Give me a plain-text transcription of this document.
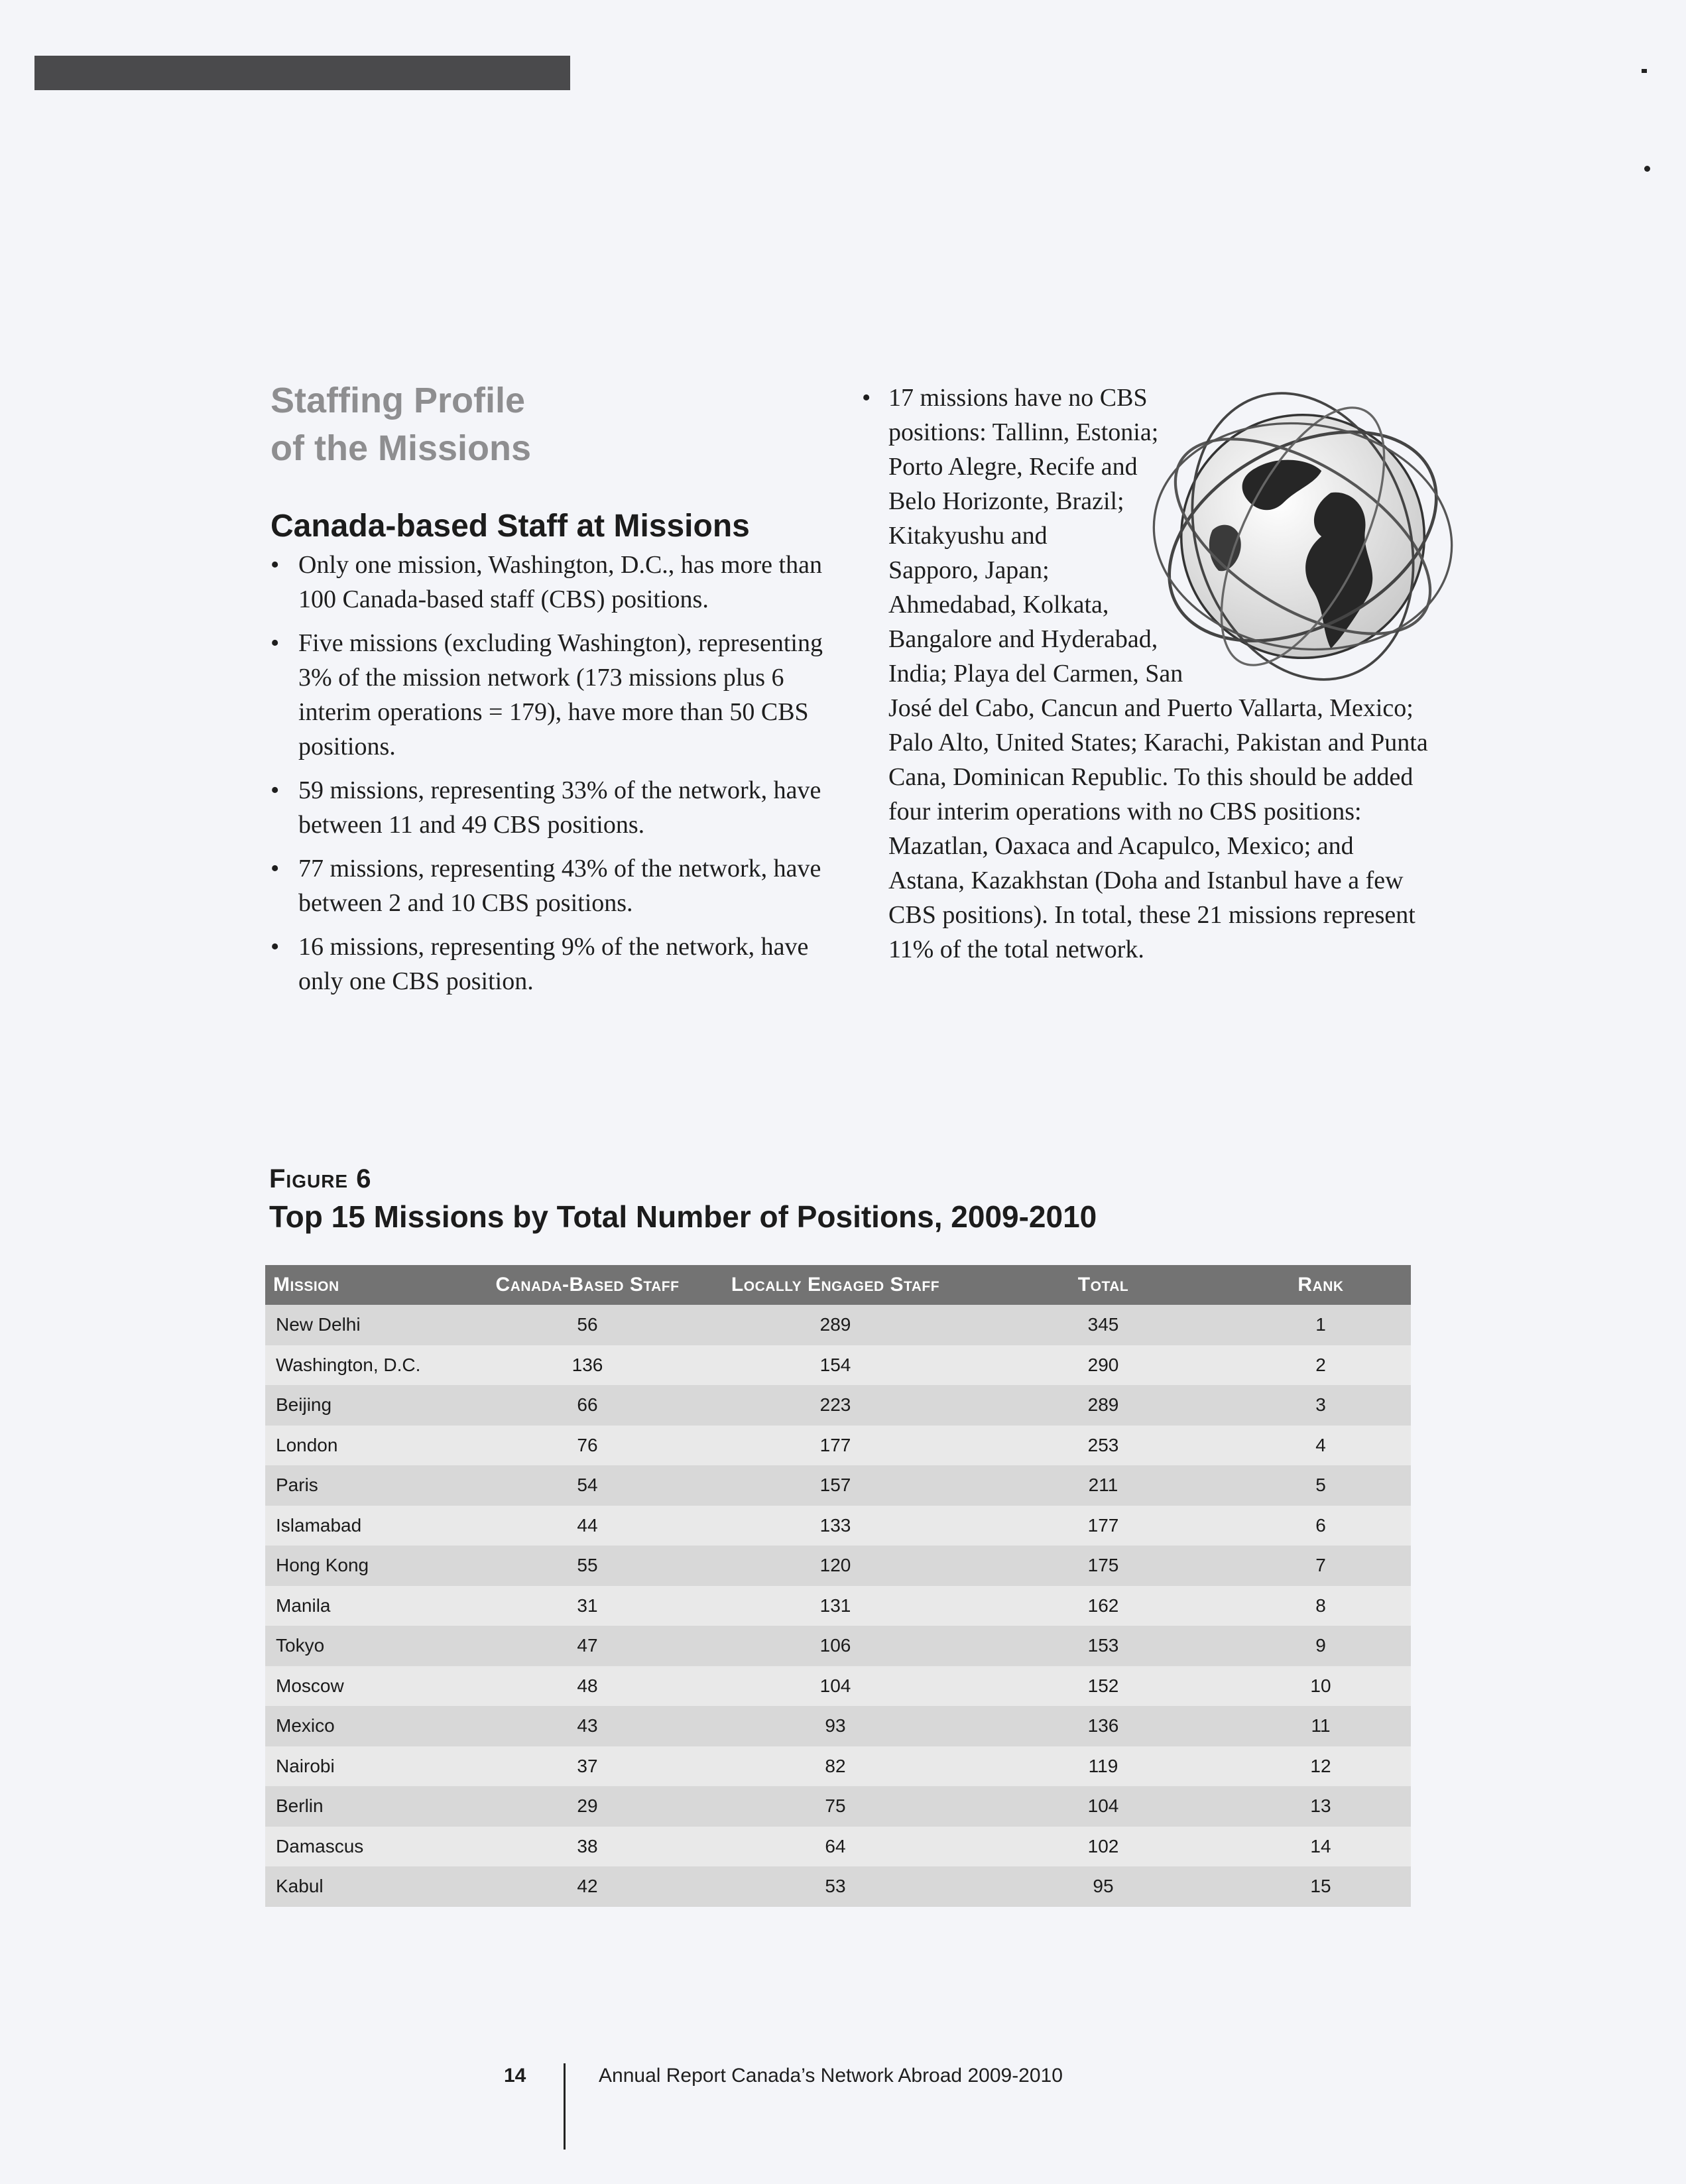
Staffing Profile
of the Missions
Canada-based Staff at Missions
• Only one mission, Washington, D.C., has more than 100 Canada-based staff (CBS) positions.
• Five missions (excluding Washington), representing 3% of the mission network (173 missions plus 6 interim operations = 179), have more than 50 CBS positions.
• 59 missions, representing 33% of the network, have between 11 and 49 CBS positions.
• 77 missions, representing 43% of the network, have between 2 and 10 CBS positions.
• 16 missions, representing 9% of the network, have only one CBS position.
• 17 missions have no CBS positions: Tallinn, Estonia; Porto Alegre, Recife and Belo Horizonte, Brazil; Kitakyushu and Sapporo, Japan; Ahmedabad, Kolkata, Bangalore and Hyderabad, India; Playa del Carmen, San José del Cabo, Cancun and Puerto Vallarta, Mexico; Palo Alto, United States; Karachi, Pakistan and Punta Cana, Dominican Republic. To this should be added four interim operations with no CBS positions: Mazatlan, Oaxaca and Acapulco, Mexico; and Astana, Kazakhstan (Doha and Istanbul have a few CBS positions). In total, these 21 missions represent 11% of the total network.

Figure 6
Top 15 Missions by Total Number of Positions, 2009-2010
Mission	Canada-Based Staff	Locally Engaged Staff	Total	Rank
New Delhi	56	289	345	1
Washington, D.C.	136	154	290	2
Beijing	66	223	289	3
London	76	177	253	4
Paris	54	157	211	5
Islamabad	44	133	177	6
Hong Kong	55	120	175	7
Manila	31	131	162	8
Tokyo	47	106	153	9
Moscow	48	104	152	10
Mexico	43	93	136	11
Nairobi	37	82	119	12
Berlin	29	75	104	13
Damascus	38	64	102	14
Kabul	42	53	95	15
14	Annual Report Canada’s Network Abroad 2009-2010
